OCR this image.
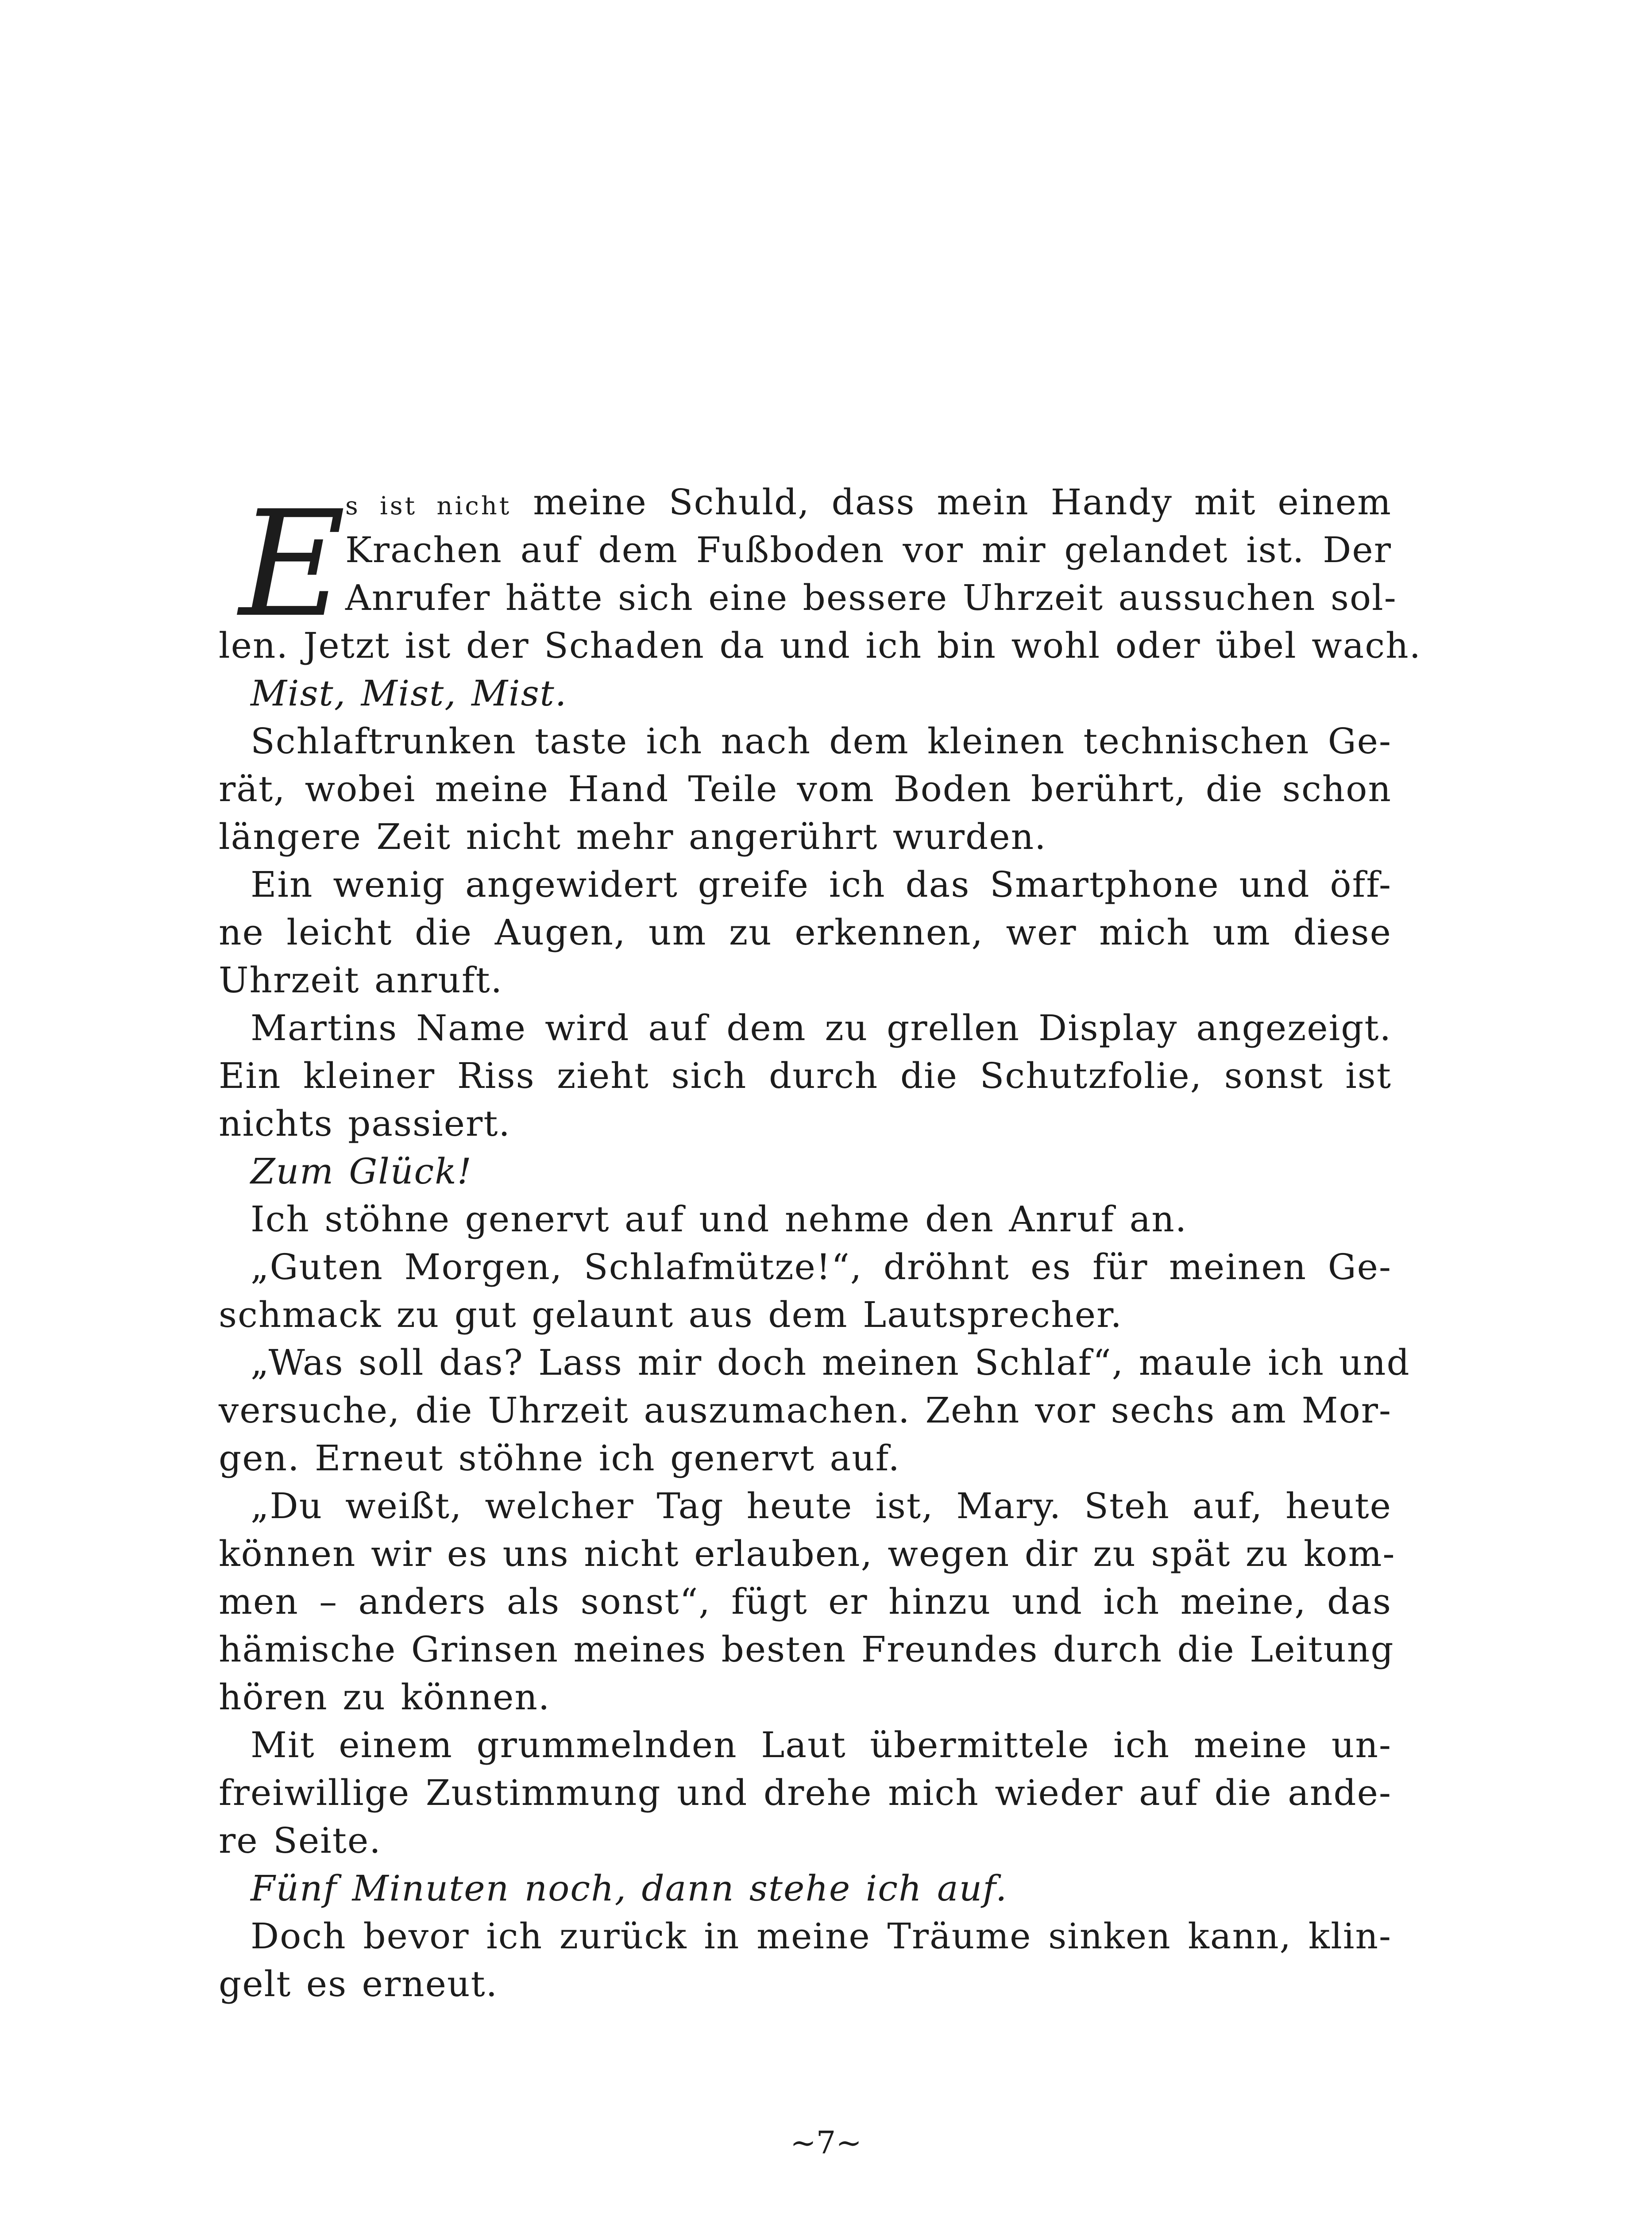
E s ist nicht meine Schuld, dass mein Handy mit einem
Krachen auf dem Fußboden vor mir gelandet ist. Der
Anrufer hätte sich eine bessere Uhrzeit aussuchen sol-
len. Jetzt ist der Schaden da und ich bin wohl oder übel wach.
Mist, Mist, Mist.
Schlaftrunken taste ich nach dem kleinen technischen Ge-
rät, wobei meine Hand Teile vom Boden berührt, die schon
längere Zeit nicht mehr angerührt wurden.
Ein wenig angewidert greife ich das Smartphone und öff-
ne leicht die Augen, um zu erkennen, wer mich um diese
Uhrzeit anruft.
Martins Name wird auf dem zu grellen Display angezeigt.
Ein kleiner Riss zieht sich durch die Schutzfolie, sonst ist
nichts passiert.
Zum Glück!
Ich stöhne genervt auf und nehme den Anruf an.
„Guten Morgen, Schlafmütze!“, dröhnt es für meinen Ge-
schmack zu gut gelaunt aus dem Lautsprecher.
„Was soll das? Lass mir doch meinen Schlaf“, maule ich und
versuche, die Uhrzeit auszumachen. Zehn vor sechs am Mor-
gen. Erneut stöhne ich genervt auf.
„Du weißt, welcher Tag heute ist, Mary. Steh auf, heute
können wir es uns nicht erlauben, wegen dir zu spät zu kom-
men – anders als sonst“, fügt er hinzu und ich meine, das
hämische Grinsen meines besten Freundes durch die Leitung
hören zu können.
Mit einem grummelnden Laut übermittele ich meine un-
freiwillige Zustimmung und drehe mich wieder auf die ande-
re Seite.
Fünf Minuten noch, dann stehe ich auf.
Doch bevor ich zurück in meine Träume sinken kann, klin-
gelt es erneut.
~7~
